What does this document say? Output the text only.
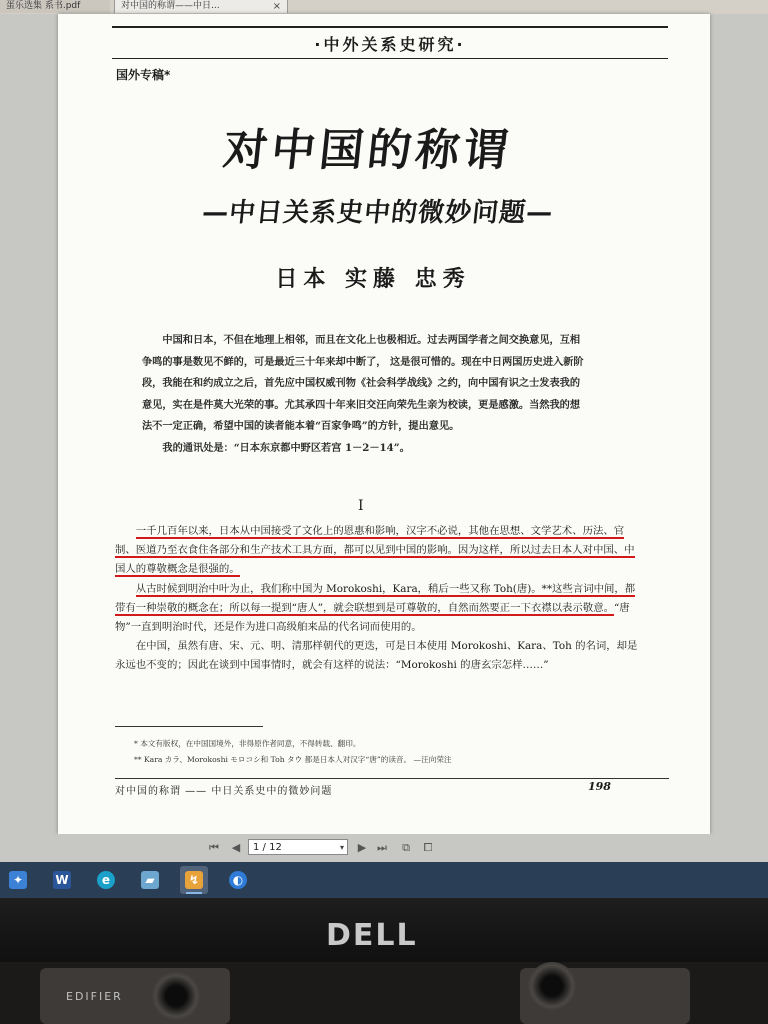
蛋乐选集 系书.pdf	对中国的称谓——中日...	×
·中外关系史研究·
国外专稿*
对中国的称谓
—中日关系史中的微妙问题—
日本 实藤 忠秀

中国和日本，不但在地理上相邻，而且在文化上也极相近。过去两国学者之间交换意见，互相争鸣的事是数见不鲜的，可是最近三十年来却中断了， 这是很可惜的。现在中日两国历史进入新阶段，我能在和约成立之后，首先应中国权威刊物《社会科学战线》之约，向中国有识之士发表我的意见，实在是件莫大光荣的事。尤其承四十年来旧交汪向荣先生亲为校读，更是感激。当然我的想法不一定正确，希望中国的读者能本着“百家争鸣”的方针，提出意见。

我的通讯处是：“日本东京都中野区若宫 1－2－14”。

I

一千几百年以来，日本从中国接受了文化上的恩惠和影响，汉字不必说，其他在思想、文学艺术、历法、官制、医道乃至衣食住各部分和生产技术工具方面，都可以见到中国的影响。因为这样，所以过去日本人对中国、中国人的尊敬概念是很强的。

从古时候到明治中叶为止，我们称中国为 Morokoshi，Kara，稍后一些又称 Toh(唐)。**这些言词中间，都带有一种崇敬的概念在；所以每一提到“唐人”，就会联想到是可尊敬的，自然而然要正一下衣襟以表示敬意。“唐物”一直到明治时代，还是作为进口高级舶来品的代名词而使用的。

在中国，虽然有唐、宋、元、明、清那样朝代的更迭，可是日本使用 Morokoshi、Kara、Toh 的名词，却是永远也不变的；因此在谈到中国事情时，就会有这样的说法：“Morokoshi 的唐玄宗怎样……”

* 本文有版权，在中国国境外，非得原作者同意，不得转载、翻印。
** Kara カラ、Morokoshi モロコシ和 Toh タウ 都是日本人对汉字“唐”的读音。 —汪向荣注
对中国的称谓 —— 中日关系史中的微妙问题	198
⏮	◀	1 / 12	▾	▶ ⏭	⧉	⧠
✦	W	e	▰	↯	◐
DELL
EDIFIER
